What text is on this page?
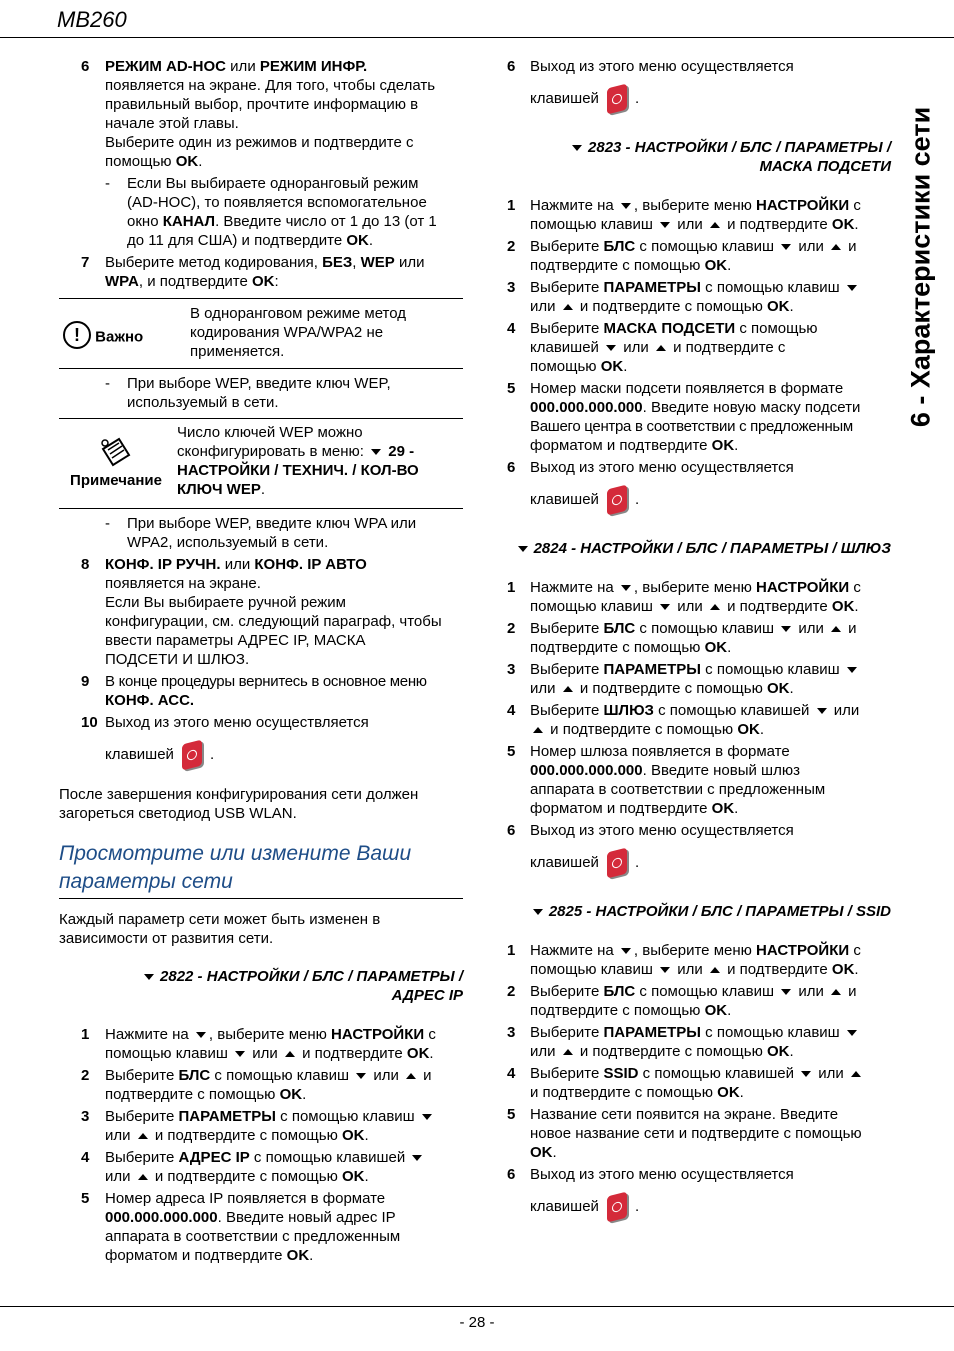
MB260
6 - Характеристики сети
6 РЕЖИМ AD-HOC или РЕЖИМ ИНФР.
появляется на экране. Для того, чтобы сделать
правильный выбор, прочтите информацию в
начале этой главы.
Выберите один из режимов и подтвердите с
помощью OK.
- Если Вы выбираете одноранговый режим
(AD-HOC), то появляется вспомогательное
окно КАНАЛ. Введите число от 1 до 13 (от 1
до 11 для США) и подтвердите OK.
7 Выберите метод кодирования, БЕЗ, WEP или
WPA, и подтвердите OK:
! Важно
В одноранговом режиме метод
кодирования WPA/WPA2 не
применяется.
- При выборе WEP, введите ключ WEP,
используемый в сети.
Примечание
Число ключей WEP можно
сконфигурировать в меню:  29 -
НАСТРОЙКИ / ТЕХНИЧ. / КОЛ-ВО
КЛЮЧ WEP.
- При выборе WEP, введите ключ WPA или
WPA2, используемый в сети.
8 КОНФ. IP РУЧН. или КОНФ. IP АВТО
появляется на экране.
Если Вы выбираете ручной режим
конфигурации, см. следующий параграф, чтобы
ввести параметры АДРЕС IP, МАСКА
ПОДСЕТИ И ШЛЮЗ.
9 В конце процедуры вернитесь в основное меню
КОНФ. АСС.
10 Выход из этого меню осуществляется
клавишей .
После завершения конфигурирования сети должен
загореться светодиод USB WLAN.
Просмотрите или измените Ваши
параметры сети
Каждый параметр сети может быть изменен в
зависимости от развития сети.
2822 - НАСТРОЙКИ / БЛС / ПАРАМЕТРЫ /
АДРЕС IP
1 Нажмите на , выберите меню НАСТРОЙКИ с
помощью клавиш  или  и подтвердите OK.
2 Выберите БЛС с помощью клавиш  или  и
подтвердите с помощью OK.
3 Выберите ПАРАМЕТРЫ с помощью клавиш
или  и подтвердите с помощью OK.
4 Выберите АДРЕС IP с помощью клавишей
или  и подтвердите с помощью OK.
5 Номер адреса IP появляется в формате
000.000.000.000. Введите новый адрес IP
аппарата в соответствии с предложенным
форматом и подтвердите OK.
6 Выход из этого меню осуществляется
клавишей .
2823 - НАСТРОЙКИ / БЛС / ПАРАМЕТРЫ /
МАСКА ПОДСЕТИ
1 Нажмите на , выберите меню НАСТРОЙКИ с
помощью клавиш  или  и подтвердите OK.
2 Выберите БЛС с помощью клавиш  или  и
подтвердите с помощью OK.
3 Выберите ПАРАМЕТРЫ с помощью клавиш
или  и подтвердите с помощью OK.
4 Выберите МАСКА ПОДСЕТИ с помощью
клавишей  или  и подтвердите с
помощью OK.
5 Номер маски подсети появляется в формате
000.000.000.000. Введите новую маску подсети
Вашего центра в соответствии с предложенным
форматом и подтвердите OK.
6 Выход из этого меню осуществляется
клавишей .
2824 - НАСТРОЙКИ / БЛС / ПАРАМЕТРЫ / ШЛЮЗ
1 Нажмите на , выберите меню НАСТРОЙКИ с
помощью клавиш  или  и подтвердите OK.
2 Выберите БЛС с помощью клавиш  или  и
подтвердите с помощью OK.
3 Выберите ПАРАМЕТРЫ с помощью клавиш
или  и подтвердите с помощью OK.
4 Выберите ШЛЮЗ с помощью клавишей  или
и подтвердите с помощью OK.
5 Номер шлюза появляется в формате
000.000.000.000. Введите новый шлюз
аппарата в соответствии с предложенным
форматом и подтвердите OK.
6 Выход из этого меню осуществляется
клавишей .
2825 - НАСТРОЙКИ / БЛС / ПАРАМЕТРЫ / SSID
1 Нажмите на , выберите меню НАСТРОЙКИ с
помощью клавиш  или  и подтвердите OK.
2 Выберите БЛС с помощью клавиш  или  и
подтвердите с помощью OK.
3 Выберите ПАРАМЕТРЫ с помощью клавиш
или  и подтвердите с помощью OK.
4 Выберите SSID с помощью клавишей  или
и подтвердите с помощью OK.
5 Название сети появится на экране. Введите
новое название сети и подтвердите с помощью
OK.
6 Выход из этого меню осуществляется
клавишей .
- 28 -
